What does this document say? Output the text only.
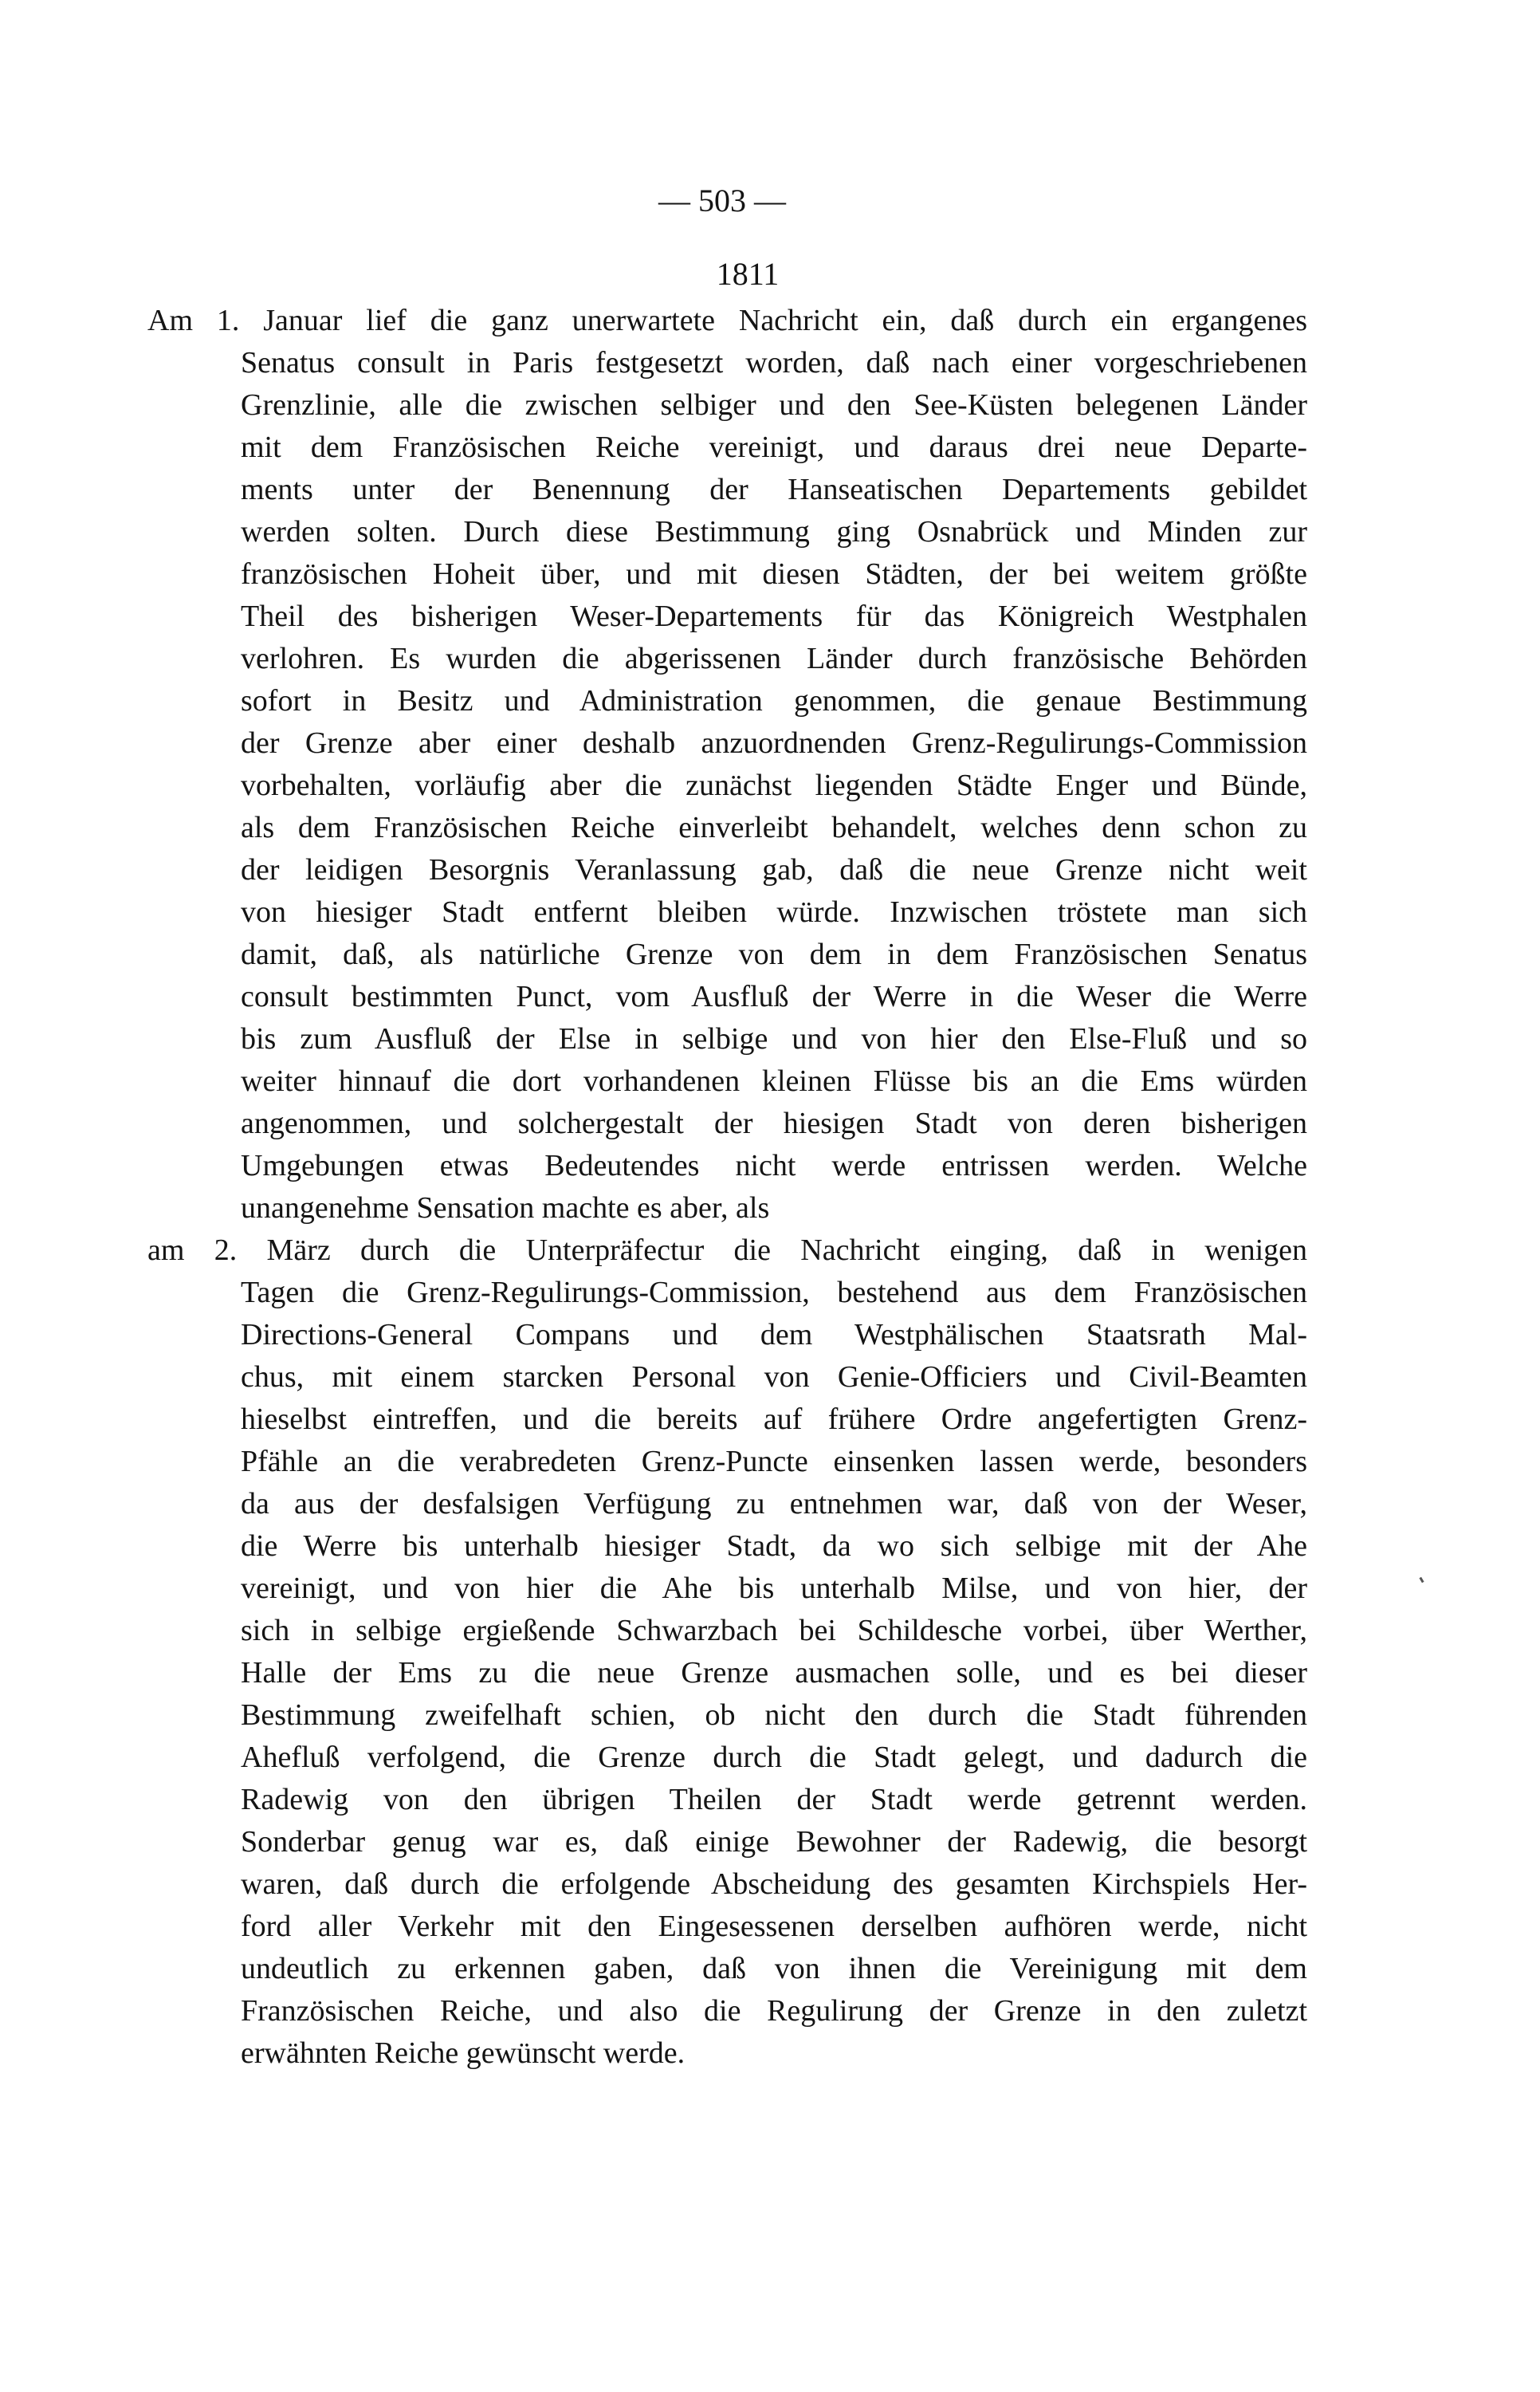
— 503 —
1811
Am 1. Januar lief die ganz unerwartete Nachricht ein, daß durch ein ergangenes
Senatus consult in Paris festgesetzt worden, daß nach einer vorgeschriebenen
Grenzlinie, alle die zwischen selbiger und den See-Küsten belegenen Länder
mit dem Französischen Reiche vereinigt, und daraus drei neue Departe-
ments unter der Benennung der Hanseatischen Departements gebildet
werden solten. Durch diese Bestimmung ging Osnabrück und Minden zur
französischen Hoheit über, und mit diesen Städten, der bei weitem größte
Theil des bisherigen Weser-Departements für das Königreich Westphalen
verlohren. Es wurden die abgerissenen Länder durch französische Behörden
sofort in Besitz und Administration genommen, die genaue Bestimmung
der Grenze aber einer deshalb anzuordnenden Grenz-Regulirungs-Commission
vorbehalten, vorläufig aber die zunächst liegenden Städte Enger und Bünde,
als dem Französischen Reiche einverleibt behandelt, welches denn schon zu
der leidigen Besorgnis Veranlassung gab, daß die neue Grenze nicht weit
von hiesiger Stadt entfernt bleiben würde. Inzwischen tröstete man sich
damit, daß, als natürliche Grenze von dem in dem Französischen Senatus
consult bestimmten Punct, vom Ausfluß der Werre in die Weser die Werre
bis zum Ausfluß der Else in selbige und von hier den Else-Fluß und so
weiter hinnauf die dort vorhandenen kleinen Flüsse bis an die Ems würden
angenommen, und solchergestalt der hiesigen Stadt von deren bisherigen
Umgebungen etwas Bedeutendes nicht werde entrissen werden. Welche
unangenehme Sensation machte es aber, als
am 2. März durch die Unterpräfectur die Nachricht einging, daß in wenigen
Tagen die Grenz-Regulirungs-Commission, bestehend aus dem Französischen
Directions-General Compans und dem Westphälischen Staatsrath Mal-
chus, mit einem starcken Personal von Genie-Officiers und Civil-Beamten
hieselbst eintreffen, und die bereits auf frühere Ordre angefertigten Grenz-
Pfähle an die verabredeten Grenz-Puncte einsenken lassen werde, besonders
da aus der desfalsigen Verfügung zu entnehmen war, daß von der Weser,
die Werre bis unterhalb hiesiger Stadt, da wo sich selbige mit der Ahe
vereinigt, und von hier die Ahe bis unterhalb Milse, und von hier, der
sich in selbige ergießende Schwarzbach bei Schildesche vorbei, über Werther,
Halle der Ems zu die neue Grenze ausmachen solle, und es bei dieser
Bestimmung zweifelhaft schien, ob nicht den durch die Stadt führenden
Ahefluß verfolgend, die Grenze durch die Stadt gelegt, und dadurch die
Radewig von den übrigen Theilen der Stadt werde getrennt werden.
Sonderbar genug war es, daß einige Bewohner der Radewig, die besorgt
waren, daß durch die erfolgende Abscheidung des gesamten Kirchspiels Her-
ford aller Verkehr mit den Eingesessenen derselben aufhören werde, nicht
undeutlich zu erkennen gaben, daß von ihnen die Vereinigung mit dem
Französischen Reiche, und also die Regulirung der Grenze in den zuletzt
erwähnten Reiche gewünscht werde.
